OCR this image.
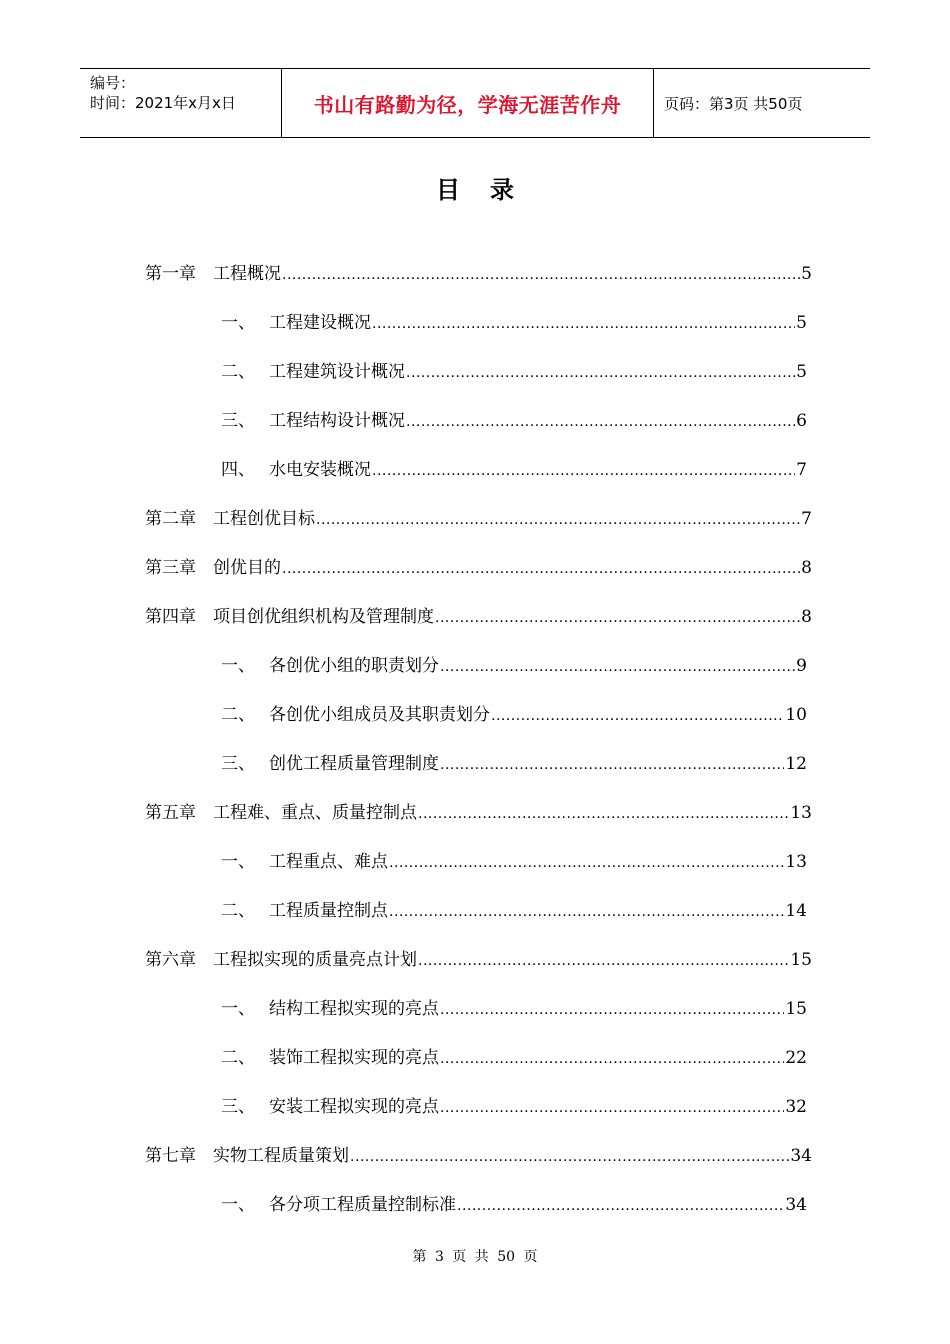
编号：
时间：2021年x月x日	书山有路勤为径，学海无涯苦作舟	页码：第3页 共50页
目录
第一章	工程概况 .....	5
一、 工程建设概况 .....	5
二、 工程建筑设计概况 .....	5
三、 工程结构设计概况 .....	6
四、 水电安装概况 .....	7
第二章	工程创优目标 .....	7
第三章	创优目的 .....	8
第四章	项目创优组织机构及管理制度 .....	8
一、 各创优小组的职责划分 .....	9
二、 各创优小组成员及其职责划分 .....	10
三、 创优工程质量管理制度 .....	12
第五章	工程难、重点、质量控制点 .....	13
一、 工程重点、难点 .....	13
二、 工程质量控制点 .....	14
第六章	工程拟实现的质量亮点计划 .....	15
一、 结构工程拟实现的亮点 .....	15
二、 装饰工程拟实现的亮点 .....	22
三、 安装工程拟实现的亮点 .....	32
第七章	实物工程质量策划 .....	34
一、 各分项工程质量控制标准 .....	34
第 3 页 共 50 页
